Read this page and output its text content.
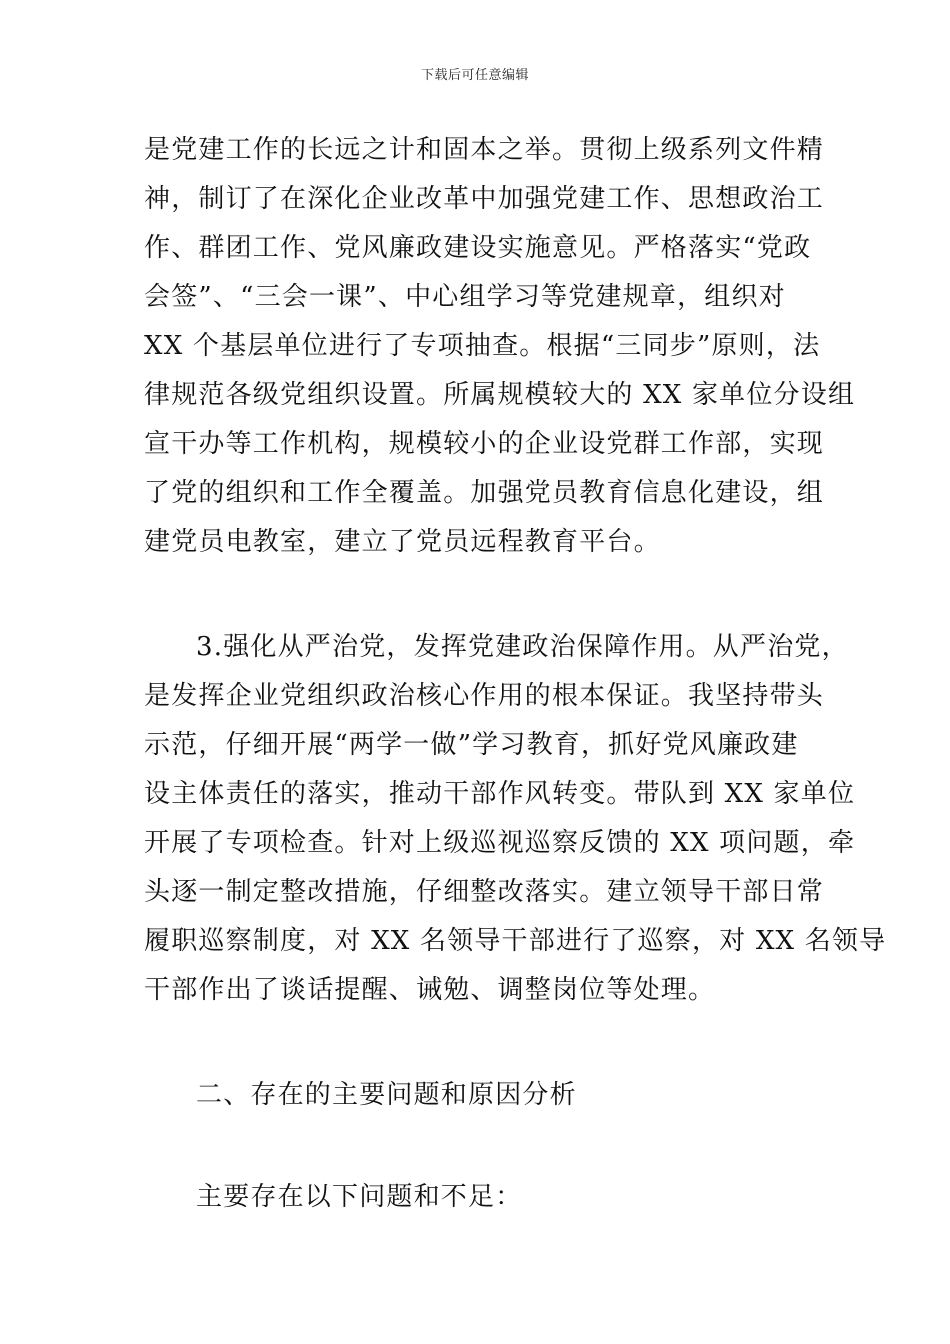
下载后可任意编辑
是党建工作的长远之计和固本之举。贯彻上级系列文件精
神，制订了在深化企业改革中加强党建工作、思想政治工
作、群团工作、党风廉政建设实施意见。严格落实“党政
会签”、“三会一课”、中心组学习等党建规章，组织对
XX 个基层单位进行了专项抽查。根据“三同步”原则，法
律规范各级党组织设置。所属规模较大的 XX 家单位分设组
宣干办等工作机构，规模较小的企业设党群工作部，实现
了党的组织和工作全覆盖。加强党员教育信息化建设，组
建党员电教室，建立了党员远程教育平台。
3.强化从严治党，发挥党建政治保障作用。从严治党，
是发挥企业党组织政治核心作用的根本保证。我坚持带头
示范，仔细开展“两学一做”学习教育，抓好党风廉政建
设主体责任的落实，推动干部作风转变。带队到 XX 家单位
开展了专项检查。针对上级巡视巡察反馈的 XX 项问题，牵
头逐一制定整改措施，仔细整改落实。建立领导干部日常
履职巡察制度，对 XX 名领导干部进行了巡察，对 XX 名领导
干部作出了谈话提醒、诫勉、调整岗位等处理。
二、存在的主要问题和原因分析
主要存在以下问题和不足：
